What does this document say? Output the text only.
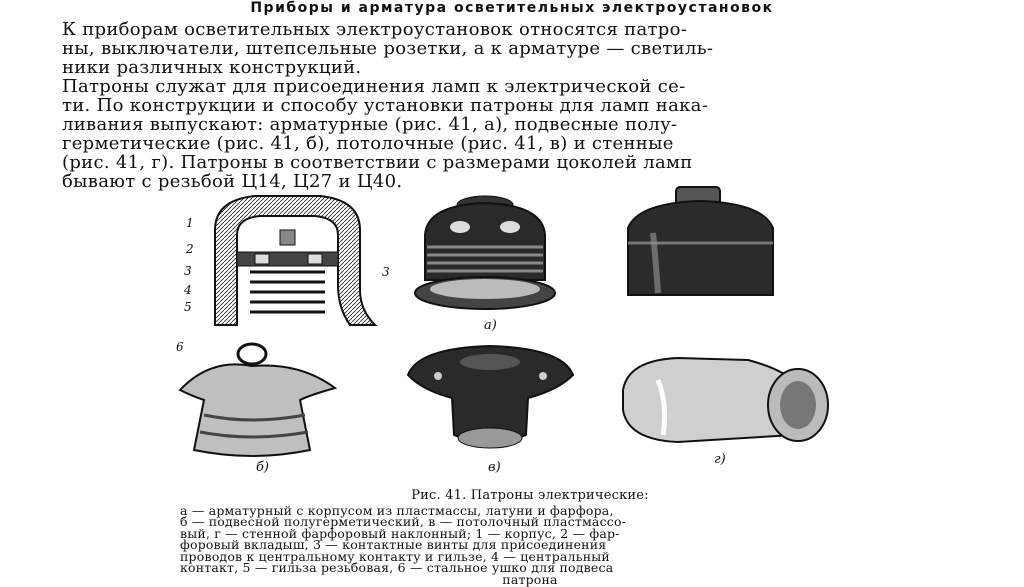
Приборы и арматура осветительных электроустановок
К приборам осветительных электроустановок относятся патро-
ны, выключатели, штепсельные розетки, а к арматуре — светиль-
ники различных конструкций.
Патроны служат для присоединения ламп к электрической се-
ти. По конструкции и способу установки патроны для ламп нака-
ливания выпускают: арматурные (рис. 41, а), подвесные полу-
герметические (рис. 41, б), потолочные (рис. 41, в) и стенные
(рис. 41, г). Патроны в соответствии с размерами цоколей ламп
бывают с резьбой Ц14, Ц27 и Ц40.
1
2
3
4
5
3
а)
6
б)	в)
г)
Рис. 41. Патроны электрические:
а — арматурный с корпусом из пластмассы, латуни и фарфора,
б — подвесной полугерметический, в — потолочный пластмассо-
вый, г — стенной фарфоровый наклонный; 1 — корпус, 2 — фар-
форовый вкладыш, 3 — контактные винты для присоединения
проводов к центральному контакту и гильзе, 4 — центральный
контакт, 5 — гильза резьбовая, 6 — стальное ушко для подвеса
патрона
